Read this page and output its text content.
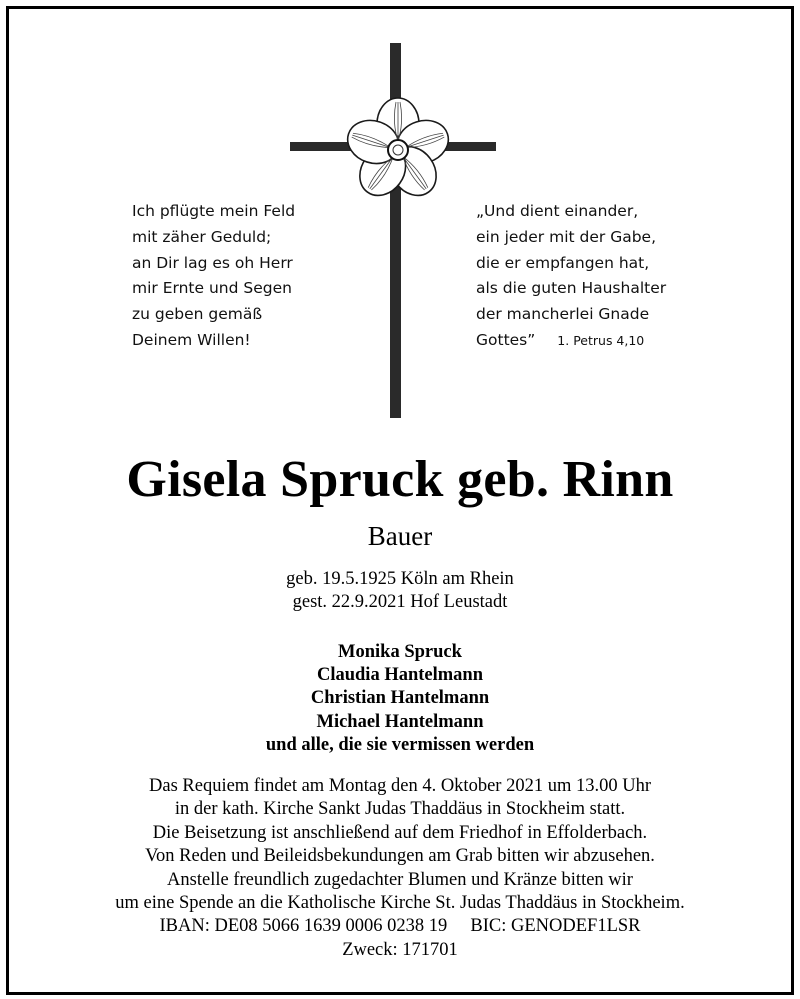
Ich pflügte mein Feld
mit zäher Geduld;
an Dir lag es oh Herr
mir Ernte und Segen
zu geben gemäß
Deinem Willen!
„Und dient einander,
ein jeder mit der Gabe,
die er empfangen hat,
als die guten Haushalter
der mancherlei Gnade
Gottes” 1. Petrus 4,10
Gisela Spruck geb. Rinn
Bauer
geb. 19.5.1925 Köln am Rhein
gest. 22.9.2021 Hof Leustadt
Monika Spruck
Claudia Hantelmann
Christian Hantelmann
Michael Hantelmann
und alle, die sie vermissen werden
Das Requiem findet am Montag den 4. Oktober 2021 um 13.00 Uhr
in der kath. Kirche Sankt Judas Thaddäus in Stockheim statt.
Die Beisetzung ist anschließend auf dem Friedhof in Effolderbach.
Von Reden und Beileidsbekundungen am Grab bitten wir abzusehen.
Anstelle freundlich zugedachter Blumen und Kränze bitten wir
um eine Spende an die Katholische Kirche St. Judas Thaddäus in Stockheim.
IBAN: DE08 5066 1639 0006 0238 19     BIC: GENODEF1LSR
Zweck: 171701
